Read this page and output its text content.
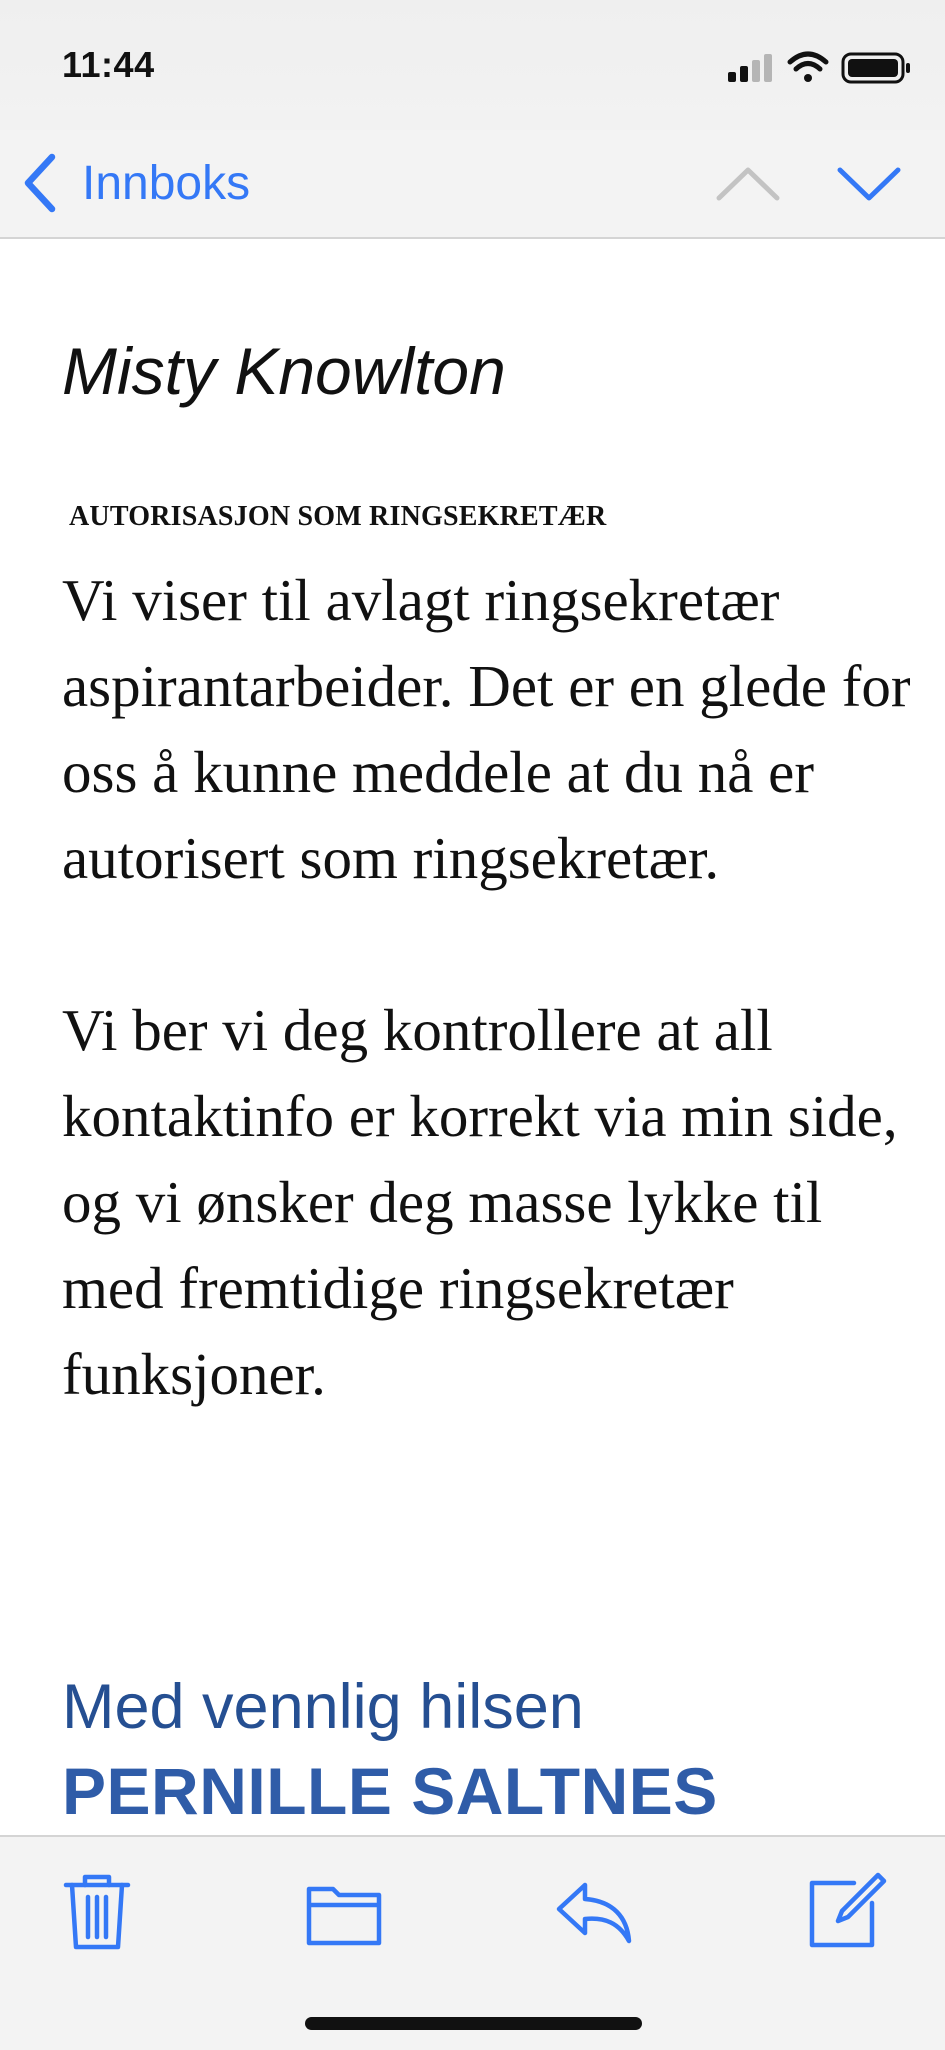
11:44
Innboks
Misty Knowlton
AUTORISASJON SOM RINGSEKRETÆR

Vi viser til avlagt ringsekretær aspirantarbeider. Det er en glede for oss å kunne meddele at du nå er autorisert som ringsekretær.

Vi ber vi deg kontrollere at all kontaktinfo er korrekt via min side, og vi ønsker deg masse lykke til med fremtidige ringsekretær funksjoner.

Med vennlig hilsen
PERNILLE SALTNES
